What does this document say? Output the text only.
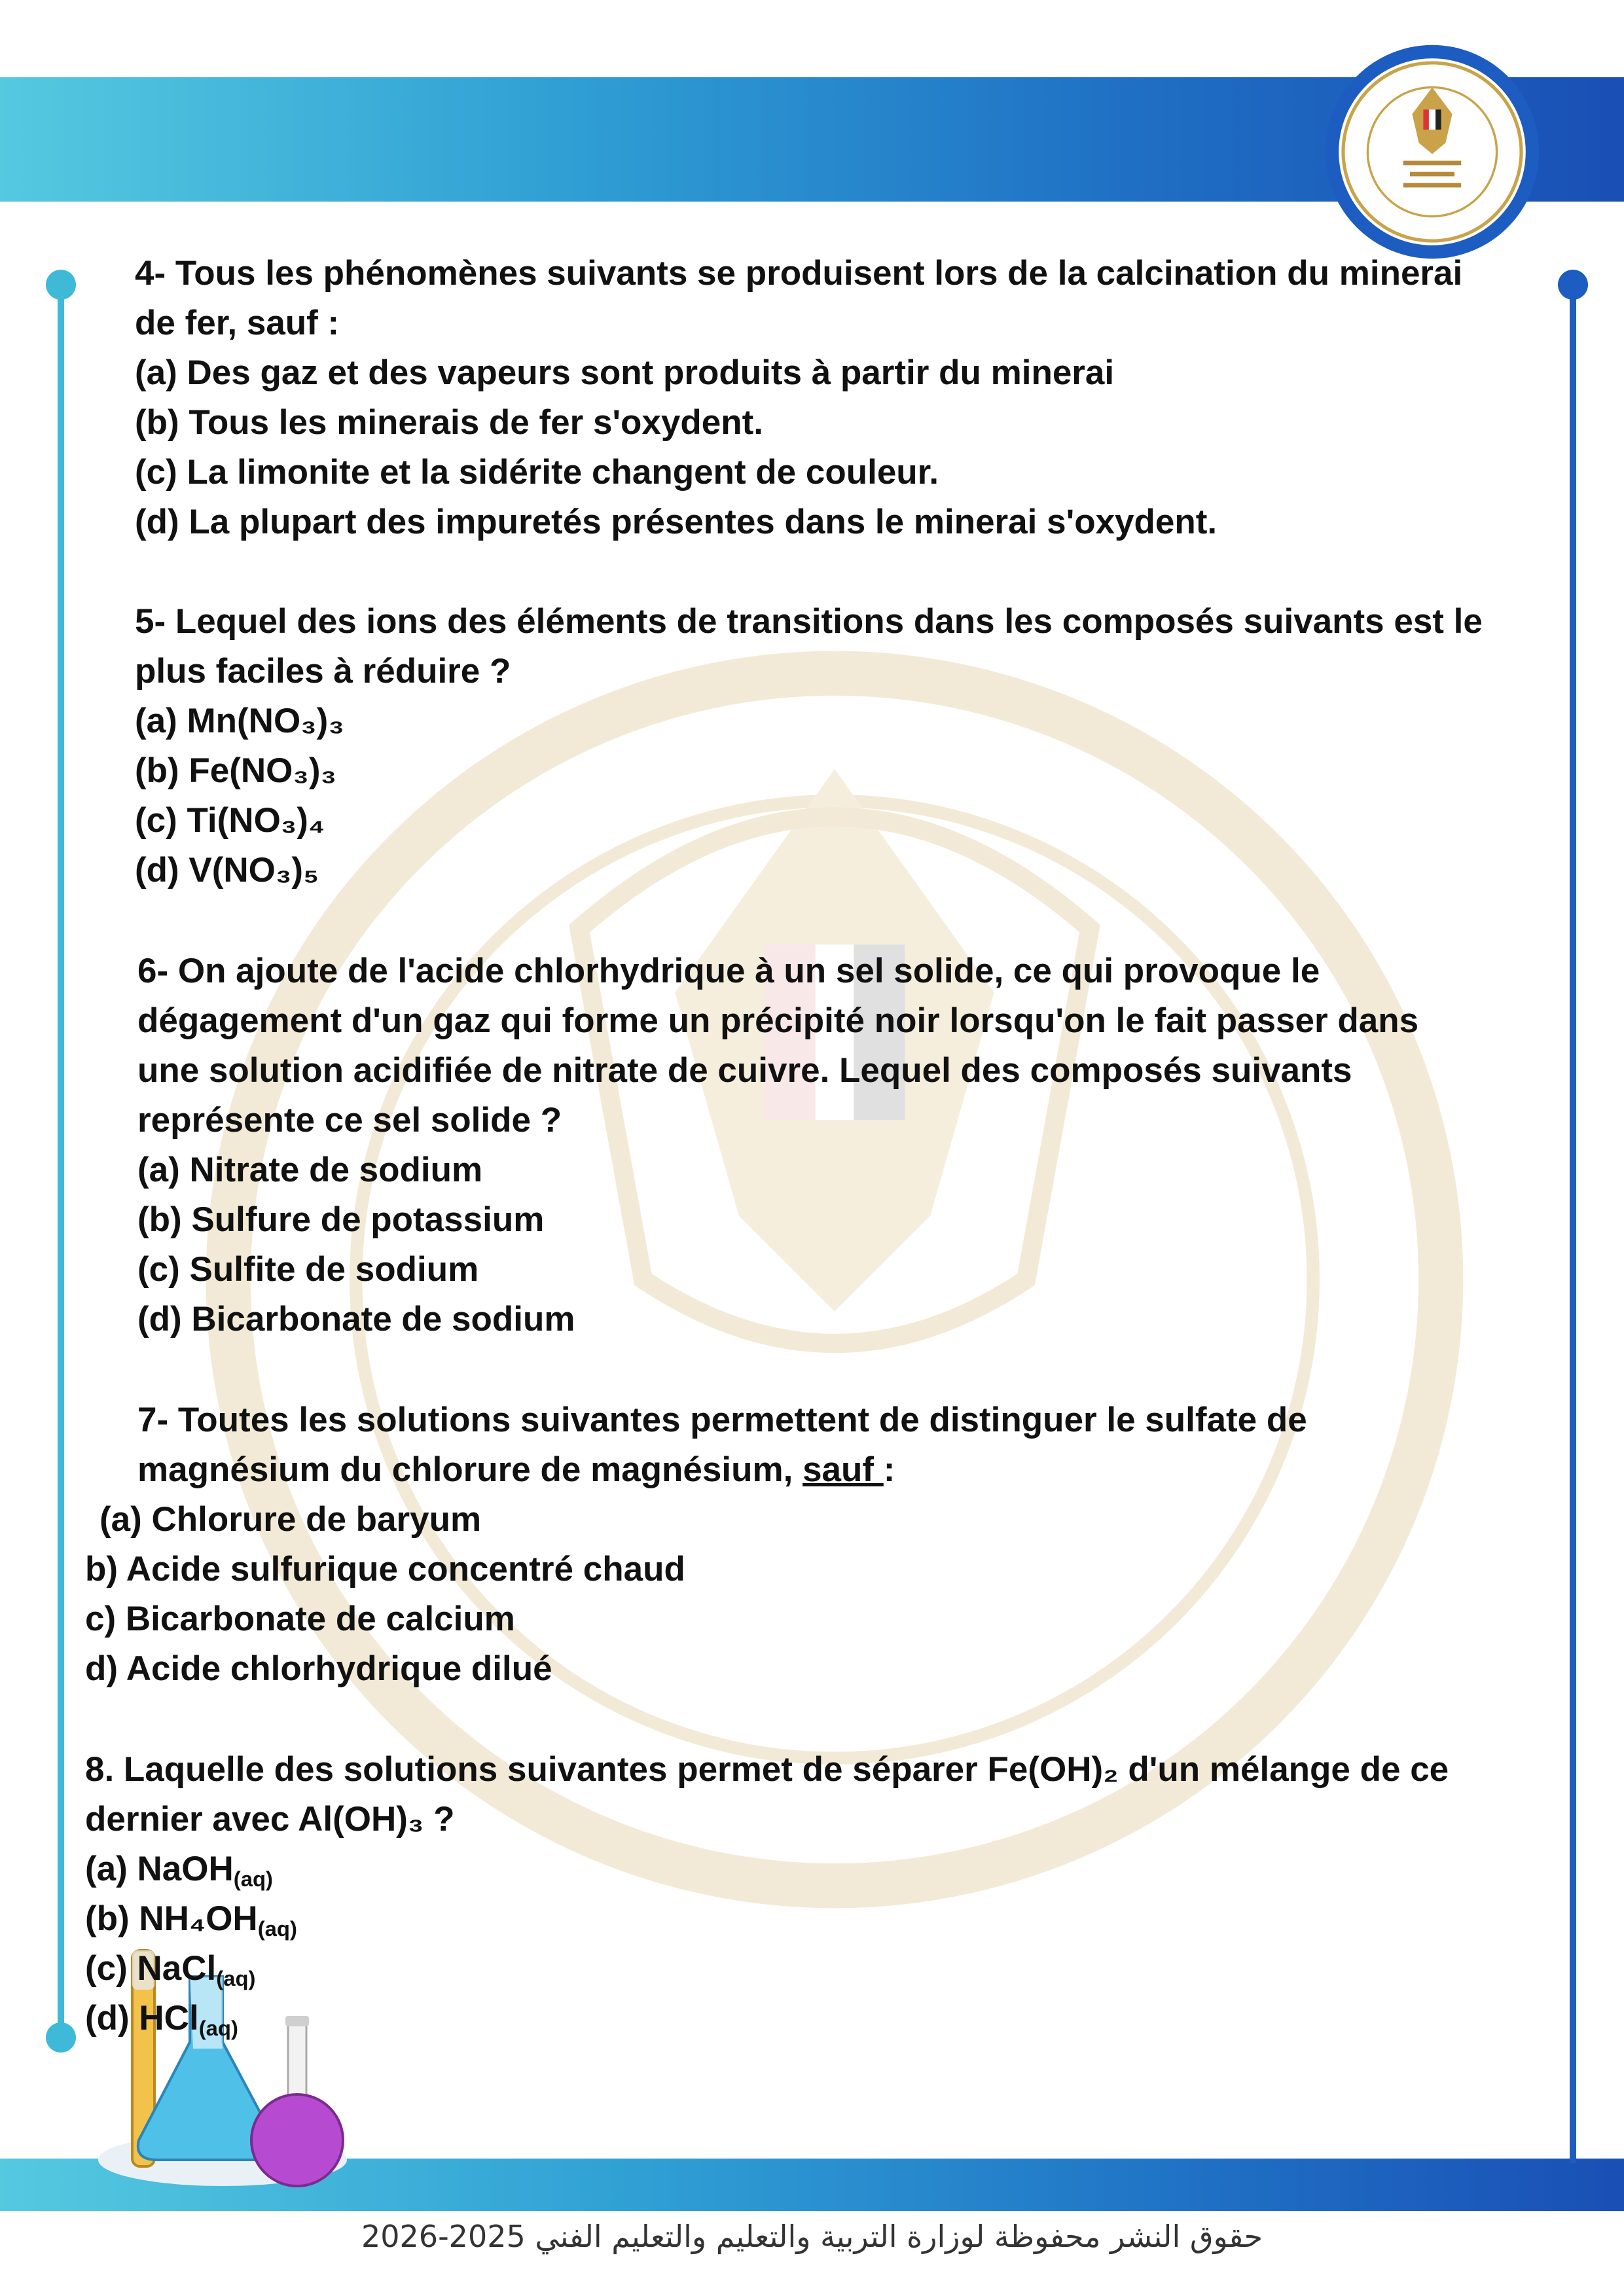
4- Tous les phénomènes suivants se produisent lors de la calcination du minerai

de fer, sauf :

(a) Des gaz et des vapeurs sont produits à partir du minerai

(b) Tous les minerais de fer s'oxydent.

(c) La limonite et la sidérite changent de couleur.

(d) La plupart des impuretés présentes dans le minerai s'oxydent.

5- Lequel des ions des éléments de transitions dans les composés suivants est le

plus faciles à réduire ?

(a) Mn(NO₃)₃

(b) Fe(NO₃)₃

(c) Ti(NO₃)₄

(d) V(NO₃)₅

6- On ajoute de l'acide chlorhydrique à un sel solide, ce qui provoque le

dégagement d'un gaz qui forme un précipité noir lorsqu'on le fait passer dans

une solution acidifiée de nitrate de cuivre. Lequel des composés suivants

représente ce sel solide ?

(a) Nitrate de sodium

(b) Sulfure de potassium

(c) Sulfite de sodium

(d) Bicarbonate de sodium

7- Toutes les solutions suivantes permettent de distinguer le sulfate de

magnésium du chlorure de magnésium, sauf :

(a) Chlorure de baryum

b) Acide sulfurique concentré chaud

c) Bicarbonate de calcium

d) Acide chlorhydrique dilué

8. Laquelle des solutions suivantes permet de séparer Fe(OH)₂ d'un mélange de ce

dernier avec Al(OH)₃ ?

(a) NaOH$_{(aq)}$

(b) $NH_4OH_{(aq)}$

(c) NaCl$_{(aq)}$

(d) HCl$_{(aq)}$

حقوق النشر محفوظة لوزارة التربية والتعليم والتعليم الفني 2025-2026
